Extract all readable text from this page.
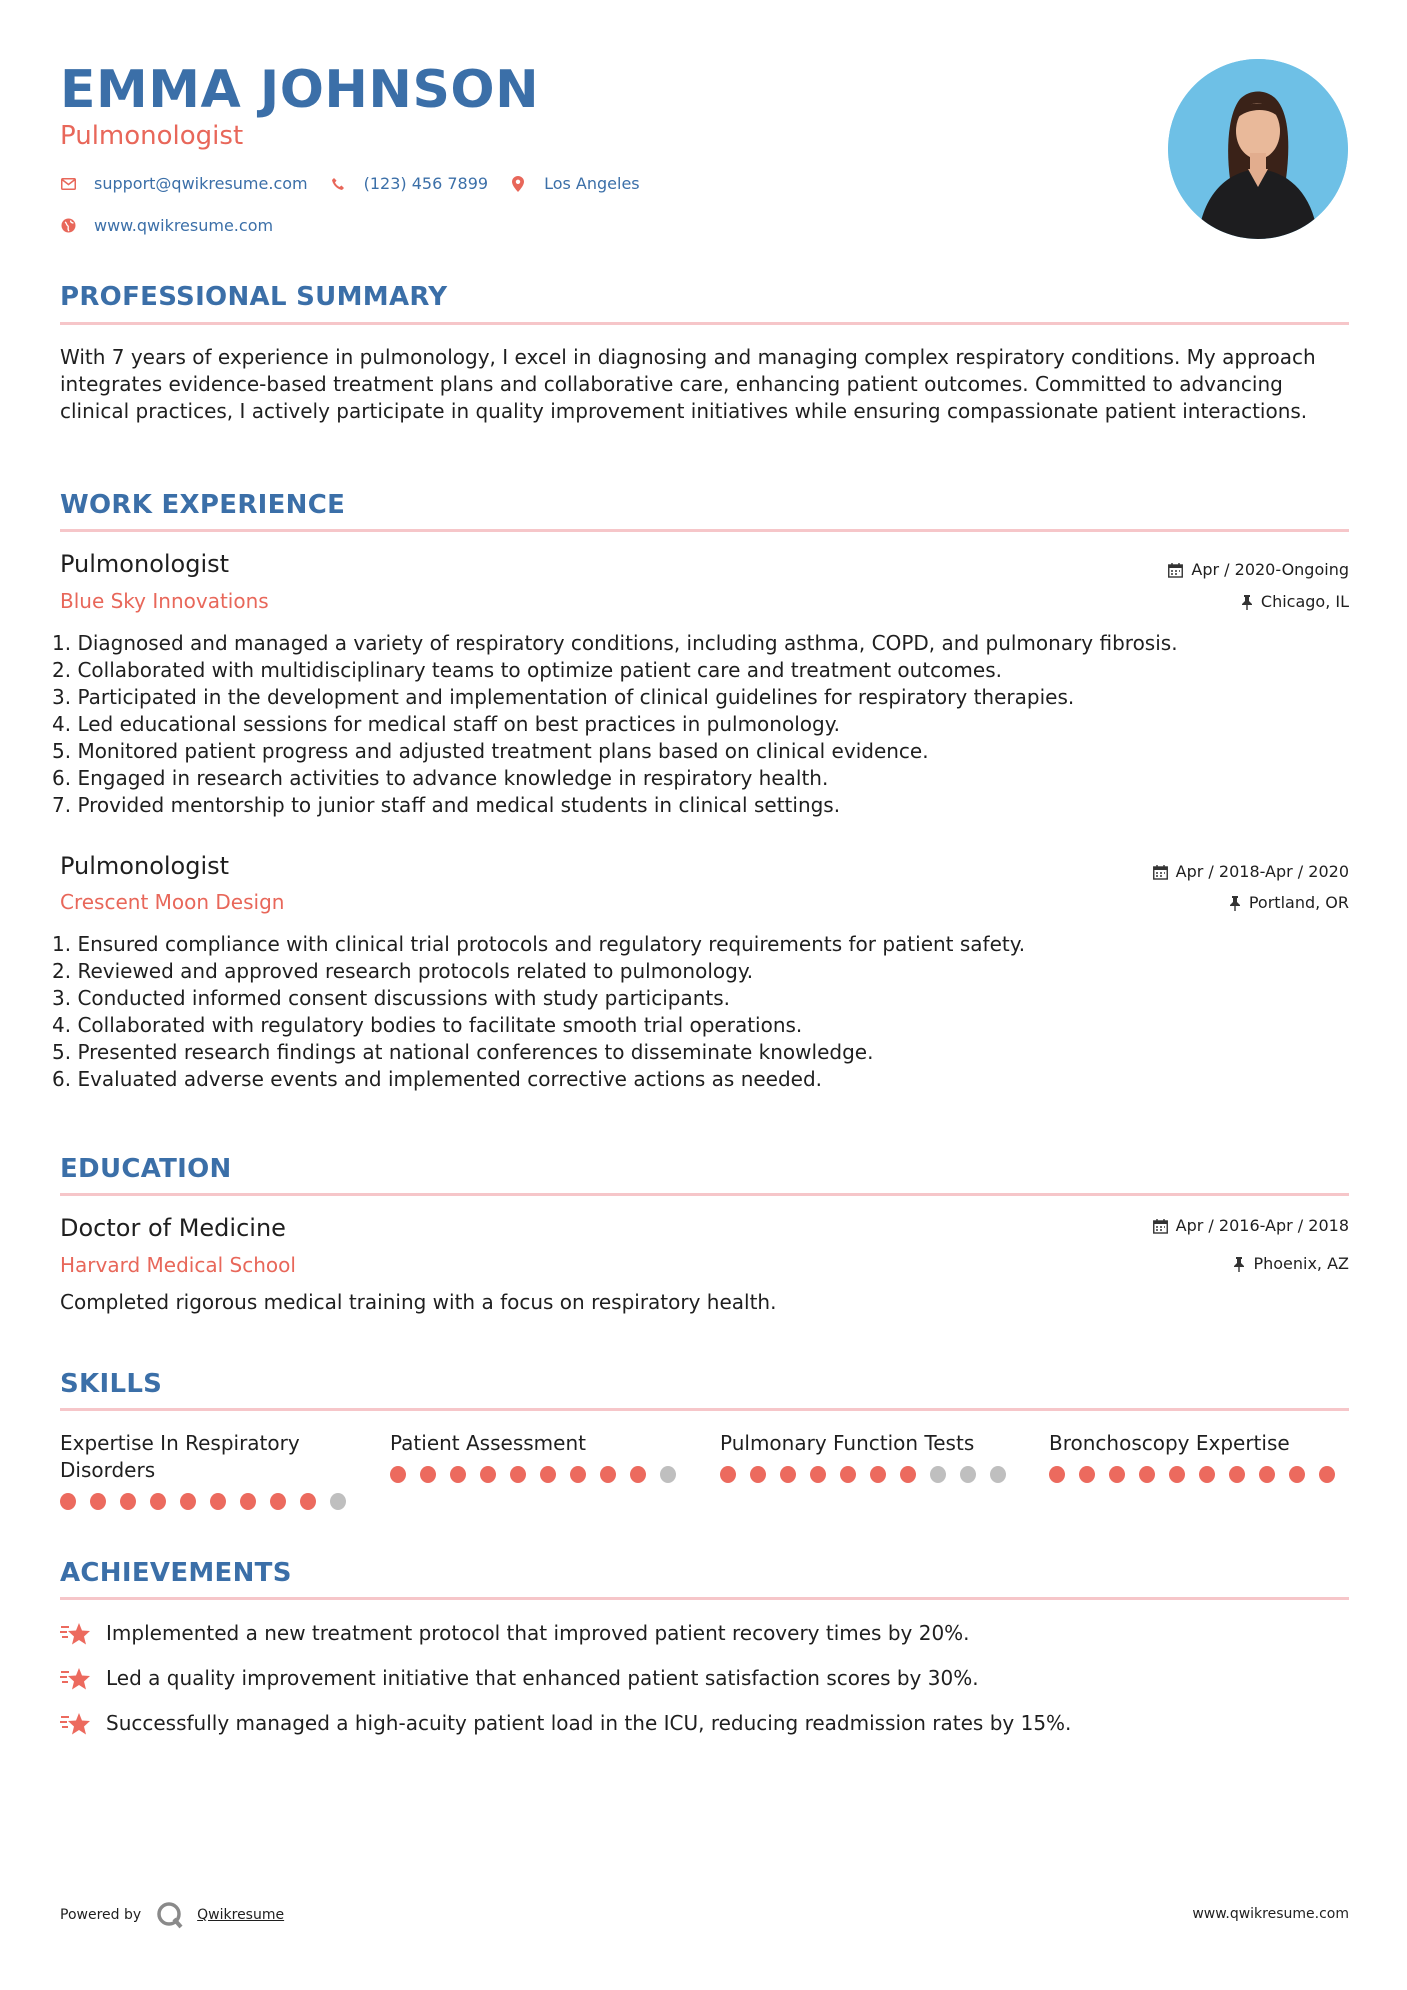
EMMA JOHNSON
Pulmonologist
support@qwikresume.com	(123) 456 7899	Los Angeles
www.qwikresume.com
PROFESSIONAL SUMMARY
With 7 years of experience in pulmonology, I excel in diagnosing and managing complex respiratory conditions. My approach integrates evidence-based treatment plans and collaborative care, enhancing patient outcomes. Committed to advancing clinical practices, I actively participate in quality improvement initiatives while ensuring compassionate patient interactions.
WORK EXPERIENCE
Pulmonologist
Blue Sky Innovations
Apr / 2020-Ongoing
Chicago, IL
1. Diagnosed and managed a variety of respiratory conditions, including asthma, COPD, and pulmonary fibrosis.
2. Collaborated with multidisciplinary teams to optimize patient care and treatment outcomes.
3. Participated in the development and implementation of clinical guidelines for respiratory therapies.
4. Led educational sessions for medical staff on best practices in pulmonology.
5. Monitored patient progress and adjusted treatment plans based on clinical evidence.
6. Engaged in research activities to advance knowledge in respiratory health.
7. Provided mentorship to junior staff and medical students in clinical settings.
Pulmonologist
Crescent Moon Design
Apr / 2018-Apr / 2020
Portland, OR
1. Ensured compliance with clinical trial protocols and regulatory requirements for patient safety.
2. Reviewed and approved research protocols related to pulmonology.
3. Conducted informed consent discussions with study participants.
4. Collaborated with regulatory bodies to facilitate smooth trial operations.
5. Presented research findings at national conferences to disseminate knowledge.
6. Evaluated adverse events and implemented corrective actions as needed.
EDUCATION
Doctor of Medicine
Harvard Medical School
Apr / 2016-Apr / 2018
Phoenix, AZ
Completed rigorous medical training with a focus on respiratory health.
SKILLS
Expertise In Respiratory Disorders
Patient Assessment	Pulmonary Function Tests	Bronchoscopy Expertise
ACHIEVEMENTS
Implemented a new treatment protocol that improved patient recovery times by 20%.
Led a quality improvement initiative that enhanced patient satisfaction scores by 30%.
Successfully managed a high-acuity patient load in the ICU, reducing readmission rates by 15%.
Powered by	Qwikresume	www.qwikresume.com
